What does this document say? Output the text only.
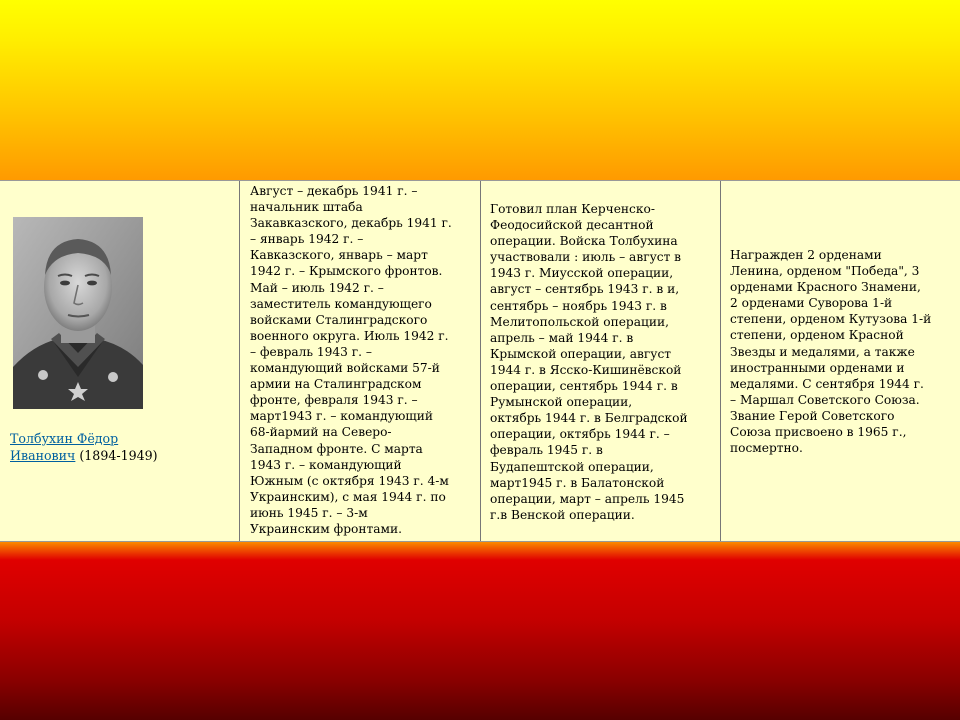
Толбухин Фёдор
Иванович (1894-1949)
Август – декабрь 1941 г. –
начальник штаба
Закавказского, декабрь 1941 г.
– январь 1942 г. –
Кавказского, январь – март
1942 г. – Крымского фронтов.
Май – июль 1942 г. –
заместитель командующего
войсками Сталинградского
военного округа. Июль 1942 г.
– февраль 1943 г. –
командующий войсками 57-й
армии на Сталинградском
фронте, февраля 1943 г. –
март1943 г. – командующий
68-йармий на Северо-
Западном фронте. С марта
1943 г. – командующий
Южным (с октября 1943 г. 4-м
Украинским), с мая 1944 г. по
июнь 1945 г. – 3-м
Украинским фронтами.
Готовил план Керченско-
Феодосийской десантной
операции. Войска Толбухина
участвовали : июль – август в
1943 г. Миусской операции,
август – сентябрь 1943 г. в и,
сентябрь – ноябрь 1943 г. в
Мелитопольской операции,
апрель – май 1944 г. в
Крымской операции, август
1944 г. в Ясско-Кишинёвской
операции, сентябрь 1944 г. в
Румынской операции,
октябрь 1944 г. в Белградской
операции, октябрь 1944 г. –
февраль 1945 г. в
Будапештской операции,
март1945 г. в Балатонской
операции, март – апрель 1945
г.в Венской операции.
Награжден 2 орденами
Ленина, орденом "Победа", 3
орденами Красного Знамени,
2 орденами Суворова 1-й
степени, орденом Кутузова 1-й
степени, орденом Красной
Звезды и медалями, а также
иностранными орденами и
медалями. С сентября 1944 г.
– Маршал Советского Союза.
Звание Герой Советского
Союза присвоено в 1965 г.,
посмертно.
